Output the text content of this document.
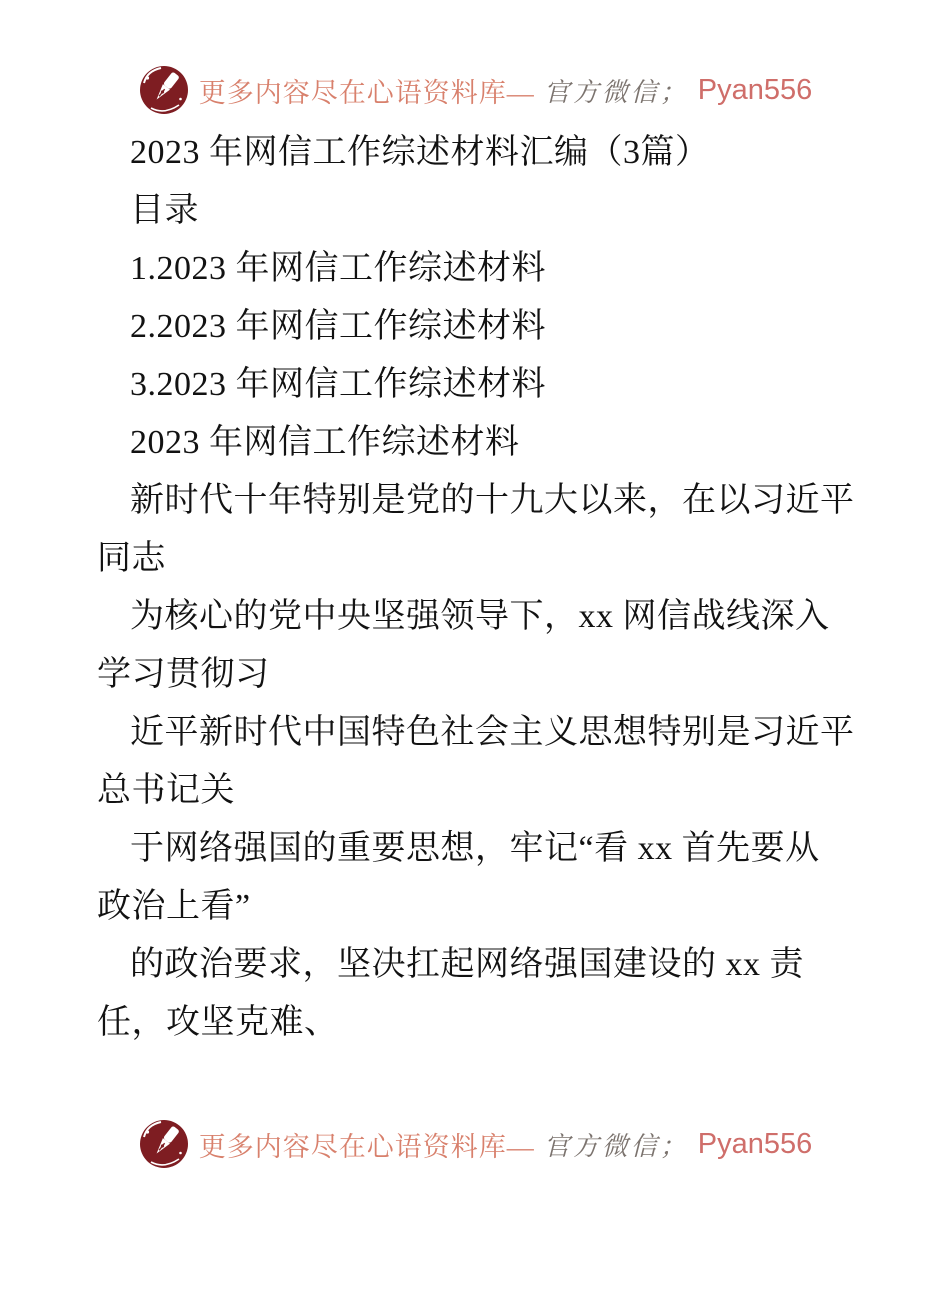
更多内容尽在心语资料库— 官方微信； Pyan556
2023 年网信工作综述材料汇编（3篇）
目录
1.2023 年网信工作综述材料
2.2023 年网信工作综述材料
3.2023 年网信工作综述材料
2023 年网信工作综述材料
新时代十年特别是党的十九大以来，在以习近平
同志
为核心的党中央坚强领导下，xx 网信战线深入
学习贯彻习
近平新时代中国特色社会主义思想特别是习近平
总书记关
于网络强国的重要思想，牢记“看 xx 首先要从
政治上看”
的政治要求，坚决扛起网络强国建设的 xx 责
任，攻坚克难、
更多内容尽在心语资料库— 官方微信； Pyan556
